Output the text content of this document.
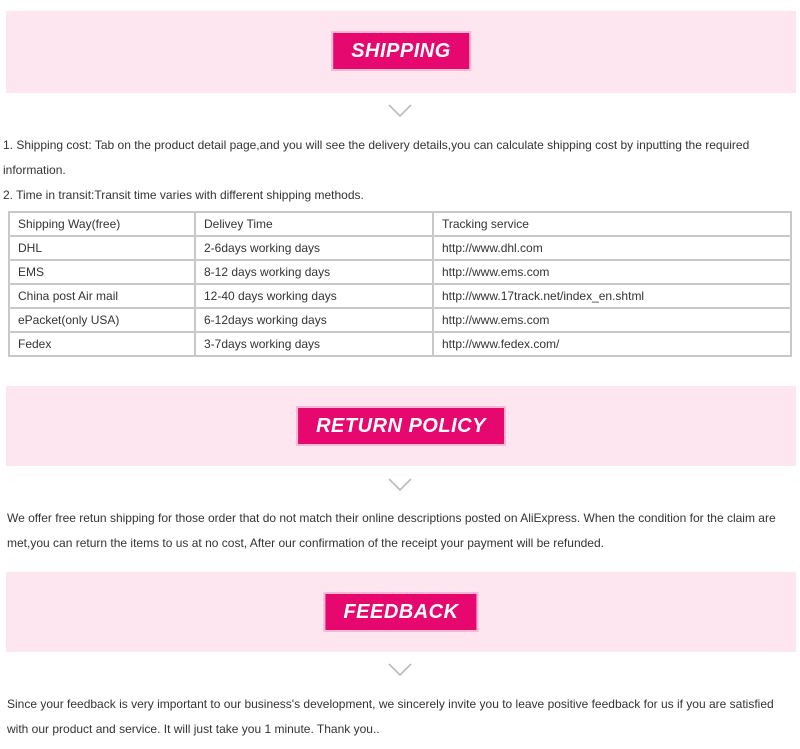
SHIPPING
1. Shipping cost: Tab on the product detail page,and you will see the delivery details,you can calculate shipping cost by inputting the required
information.
2. Time in transit:Transit time varies with different shipping methods.
Shipping Way(free)	Delivey Time	Tracking service
DHL	2-6days working days	http://www.dhl.com
EMS	8-12 days working days	http://www.ems.com
China post Air mail	12-40 days working days	http://www.17track.net/index_en.shtml
ePacket(only USA)	6-12days working days	http://www.ems.com
Fedex	3-7days working days	http://www.fedex.com/
RETURN POLICY
We offer free retun shipping for those order that do not match their online descriptions posted on AliExpress. When the condition for the claim are
met,you can return the items to us at no cost, After our confirmation of the receipt your payment will be refunded.
FEEDBACK
Since your feedback is very important to our business's development, we sincerely invite you to leave positive feedback for us if you are satisfied
with our product and service. It will just take you 1 minute. Thank you..
